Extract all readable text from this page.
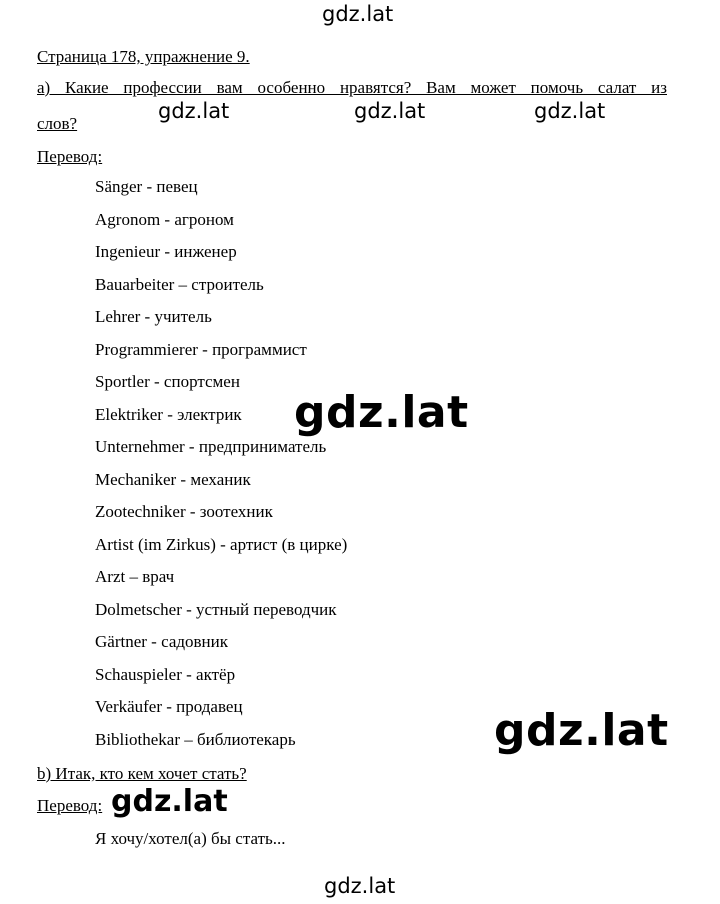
gdz.lat
Страница 178, упражнение 9.
a) Какие профессии вам особенно нравятся? Вам может помочь салат из
слов?
gdz.lat	gdz.lat	gdz.lat
Перевод:
Sänger - певец
Agronom - агроном
Ingenieur - инженер
Bauarbeiter – строитель
Lehrer - учитель
Programmierer - программист
Sportler - спортсмен
Elektriker - электрик
Unternehmer - предприниматель
Mechaniker - механик
Zootechniker - зоотехник
Artist (im Zirkus) - артист (в цирке)
Arzt – врач
Dolmetscher - устный переводчик
Gärtner - садовник
Schauspieler - актёр
Verkäufer - продавец
Bibliothekar – библиотекарь
gdz.lat
gdz.lat
b) Итак, кто кем хочет стать?
Перевод: gdz.lat
Я хочу/хотел(а) бы стать...
gdz.lat
